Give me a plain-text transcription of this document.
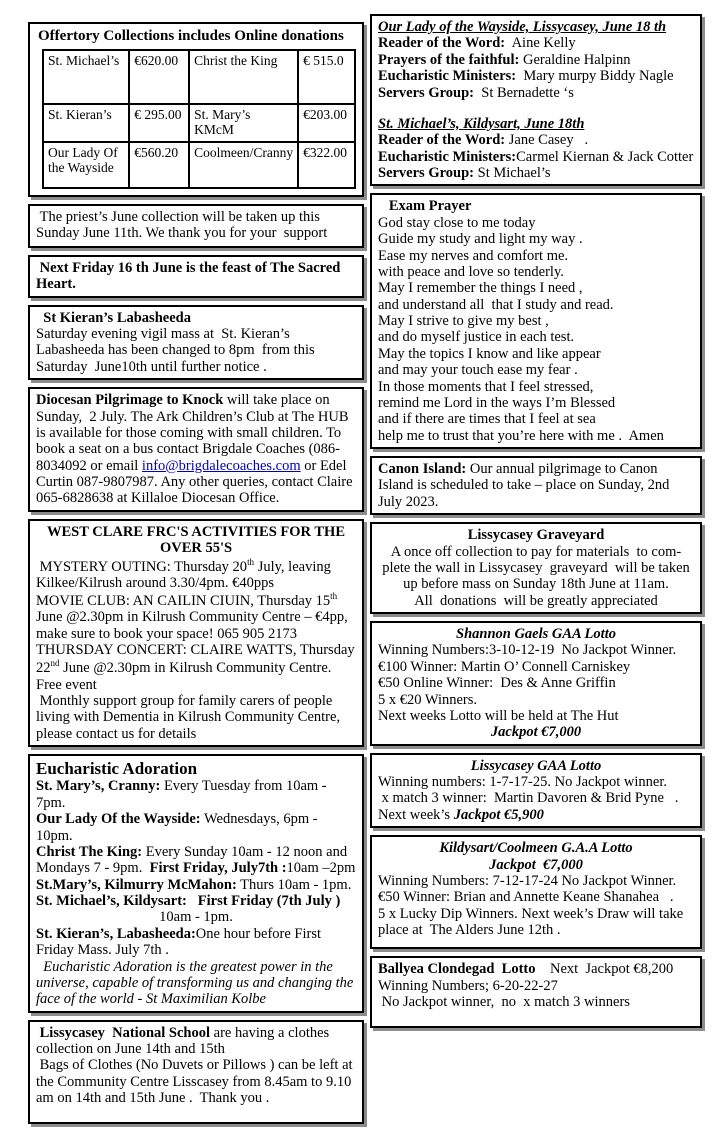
Offertory Collections includes Online donations
St. Michael’s	€620.00	Christ the King	€ 515.0
St. Kieran’s	€ 295.00	St. Mary’s KMcM	€203.00
Our Lady Of the Wayside	€560.20	Coolmeen/Cranny	€322.00
The priest’s June collection will be taken up this Sunday June 11th. We thank you for your  support
Next Friday 16 th June is the feast of The Sacred Heart.
St Kieran’s Labasheeda
Saturday evening vigil mass at  St. Kieran’s Labasheeda has been changed to 8pm  from this Saturday  June10th until further notice .
Diocesan Pilgrimage to Knock will take place on Sunday,  2 July. The Ark Children’s Club at The HUB is available for those coming with small children. To book a seat on a bus contact Brigdale Coaches (086-8034092 or email info@brigdalecoaches.com or Edel Curtin 087-9807987. Any other queries, contact Claire 065-6828638 at Killaloe Diocesan Office.
WEST CLARE FRC'S ACTIVITIES FOR THE OVER 55'S
MYSTERY OUTING: Thursday 20th July, leaving Kilkee/Kilrush around 3.30/4pm. €40pps
MOVIE CLUB: AN CAILIN CIUIN, Thursday 15th June @2.30pm in Kilrush Community Centre – €4pp, make sure to book your space! 065 905 2173
THURSDAY CONCERT: CLAIRE WATTS, Thursday 22nd June @2.30pm in Kilrush Community Centre. Free event
Monthly support group for family carers of people living with Dementia in Kilrush Community Centre, please contact us for details
Eucharistic Adoration
St. Mary’s, Cranny: Every Tuesday from 10am - 7pm.
Our Lady Of the Wayside: Wednesdays, 6pm - 10pm.
Christ The King: Every Sunday 10am - 12 noon and Mondays 7 - 9pm.  First Friday, July7th :10am –2pm
St.Mary’s, Kilmurry McMahon: Thurs 10am - 1pm.
St. Michael’s, Kildysart:   First Friday (7th July )
10am - 1pm.
St. Kieran’s, Labasheeda:One hour before First Friday Mass. July 7th .
Eucharistic Adoration is the greatest power in the universe, capable of transforming us and changing the face of the world - St Maximilian Kolbe
Lissycasey  National School are having a clothes collection on June 14th and 15th
Bags of Clothes (No Duvets or Pillows ) can be left at the Community Centre Lisscasey from 8.45am to 9.10 am on 14th and 15th June .  Thank you .
Our Lady of the Wayside, Lissycasey, June 18 th
Reader of the Word:  Aine Kelly
Prayers of the faithful: Geraldine Halpinn
Eucharistic Ministers:  Mary murpy Biddy Nagle
Servers Group:  St Bernadette ‘s
St. Michael’s, Kildysart, June 18th
Reader of the Word: Jane Casey   .
Eucharistic Ministers:Carmel Kiernan & Jack Cotter
Servers Group: St Michael’s
Exam Prayer
God stay close to me today
Guide my study and light my way .
Ease my nerves and comfort me.
with peace and love so tenderly.
May I remember the things I need ,
and understand all  that I study and read.
May I strive to give my best ,
and do myself justice in each test.
May the topics I know and like appear
and may your touch ease my fear .
In those moments that I feel stressed,
remind me Lord in the ways I’m Blessed
and if there are times that I feel at sea
help me to trust that you’re here with me .  Amen
Canon Island: Our annual pilgrimage to Canon Island is scheduled to take – place on Sunday, 2nd July 2023.
Lissycasey Graveyard
A once off collection to pay for materials  to com-
plete the wall in Lissycasey  graveyard  will be taken
up before mass on Sunday 18th June at 11am.
All  donations  will be greatly appreciated
Shannon Gaels GAA Lotto
Winning Numbers:3-10-12-19  No Jackpot Winner.
€100 Winner: Martin O’ Connell Carniskey
€50 Online Winner:  Des & Anne Griffin
5 x €20 Winners.
Next weeks Lotto will be held at The Hut
Jackpot €7,000
Lissycasey GAA Lotto
Winning numbers: 1-7-17-25. No Jackpot winner.
x match 3 winner:  Martin Davoren & Brid Pyne   .
Next week’s Jackpot €5,900
Kildysart/Coolmeen G.A.A Lotto
Jackpot  €7,000
Winning Numbers: 7-12-17-24 No Jackpot Winner.
€50 Winner: Brian and Annette Keane Shanahea   .
5 x Lucky Dip Winners. Next week’s Draw will take place at  The Alders June 12th .
Ballyea Clondegad  Lotto    Next  Jackpot €8,200
Winning Numbers; 6-20-22-27
No Jackpot winner,  no  x match 3 winners
